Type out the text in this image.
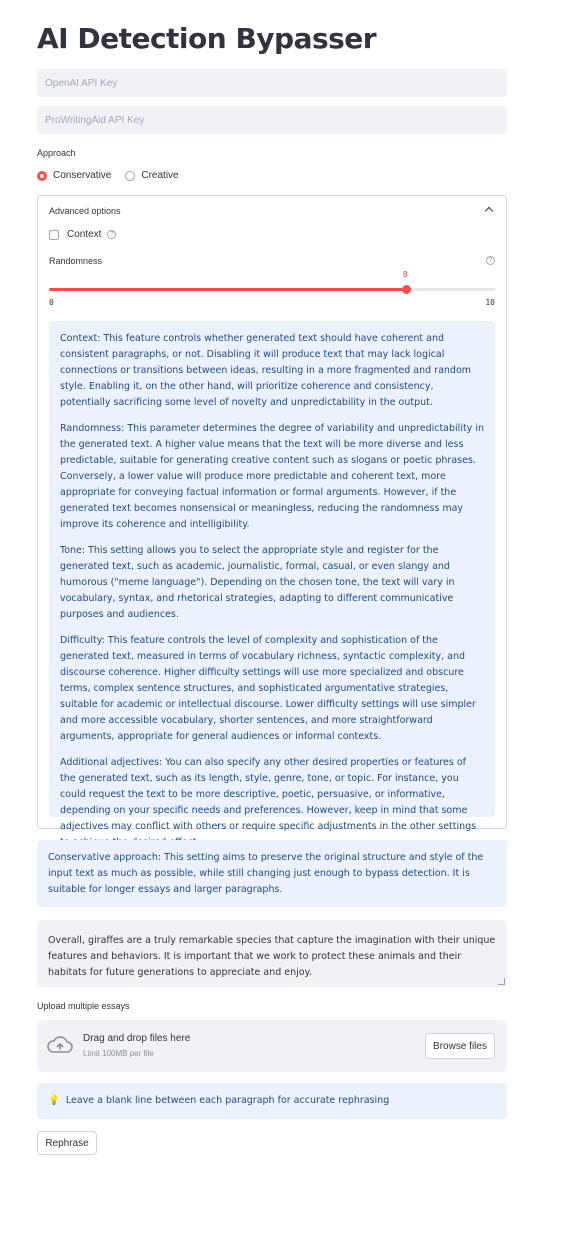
AI Detection Bypasser
OpenAI API Key
ProWritingAid API Key
Approach
Conservative	Creative
Advanced options
Context	?
Randomness	?
8
0	10

Context: This feature controls whether generated text should have coherent and consistent paragraphs, or not. Disabling it will produce text that may lack logical connections or transitions between ideas, resulting in a more fragmented and random style. Enabling it, on the other hand, will prioritize coherence and consistency, potentially sacrificing some level of novelty and unpredictability in the output.

Randomness: This parameter determines the degree of variability and unpredictability in the generated text. A higher value means that the text will be more diverse and less predictable, suitable for generating creative content such as slogans or poetic phrases. Conversely, a lower value will produce more predictable and coherent text, more appropriate for conveying factual information or formal arguments. However, if the generated text becomes nonsensical or meaningless, reducing the randomness may improve its coherence and intelligibility.

Tone: This setting allows you to select the appropriate style and register for the generated text, such as academic, journalistic, formal, casual, or even slangy and humorous ("meme language"). Depending on the chosen tone, the text will vary in vocabulary, syntax, and rhetorical strategies, adapting to different communicative purposes and audiences.

Difficulty: This feature controls the level of complexity and sophistication of the generated text, measured in terms of vocabulary richness, syntactic complexity, and discourse coherence. Higher difficulty settings will use more specialized and obscure terms, complex sentence structures, and sophisticated argumentative strategies, suitable for academic or intellectual discourse. Lower difficulty settings will use simpler and more accessible vocabulary, shorter sentences, and more straightforward arguments, appropriate for general audiences or informal contexts.

Additional adjectives: You can also specify any other desired properties or features of the generated text, such as its length, style, genre, tone, or topic. For instance, you could request the text to be more descriptive, poetic, persuasive, or informative, depending on your specific needs and preferences. However, keep in mind that some adjectives may conflict with others or require specific adjustments in the other settings

Conservative approach: This setting aims to preserve the original structure and style of the input text as much as possible, while still changing just enough to bypass detection. It is suitable for longer essays and larger paragraphs.

Overall, giraffes are a truly remarkable species that capture the imagination with their unique features and behaviors. It is important that we work to protect these animals and their habitats for future generations to appreciate and enjoy.
Upload multiple essays
Drag and drop files here
Limit 100MB per file
Browse files
💡 Leave a blank line between each paragraph for accurate rephrasing
Rephrase
